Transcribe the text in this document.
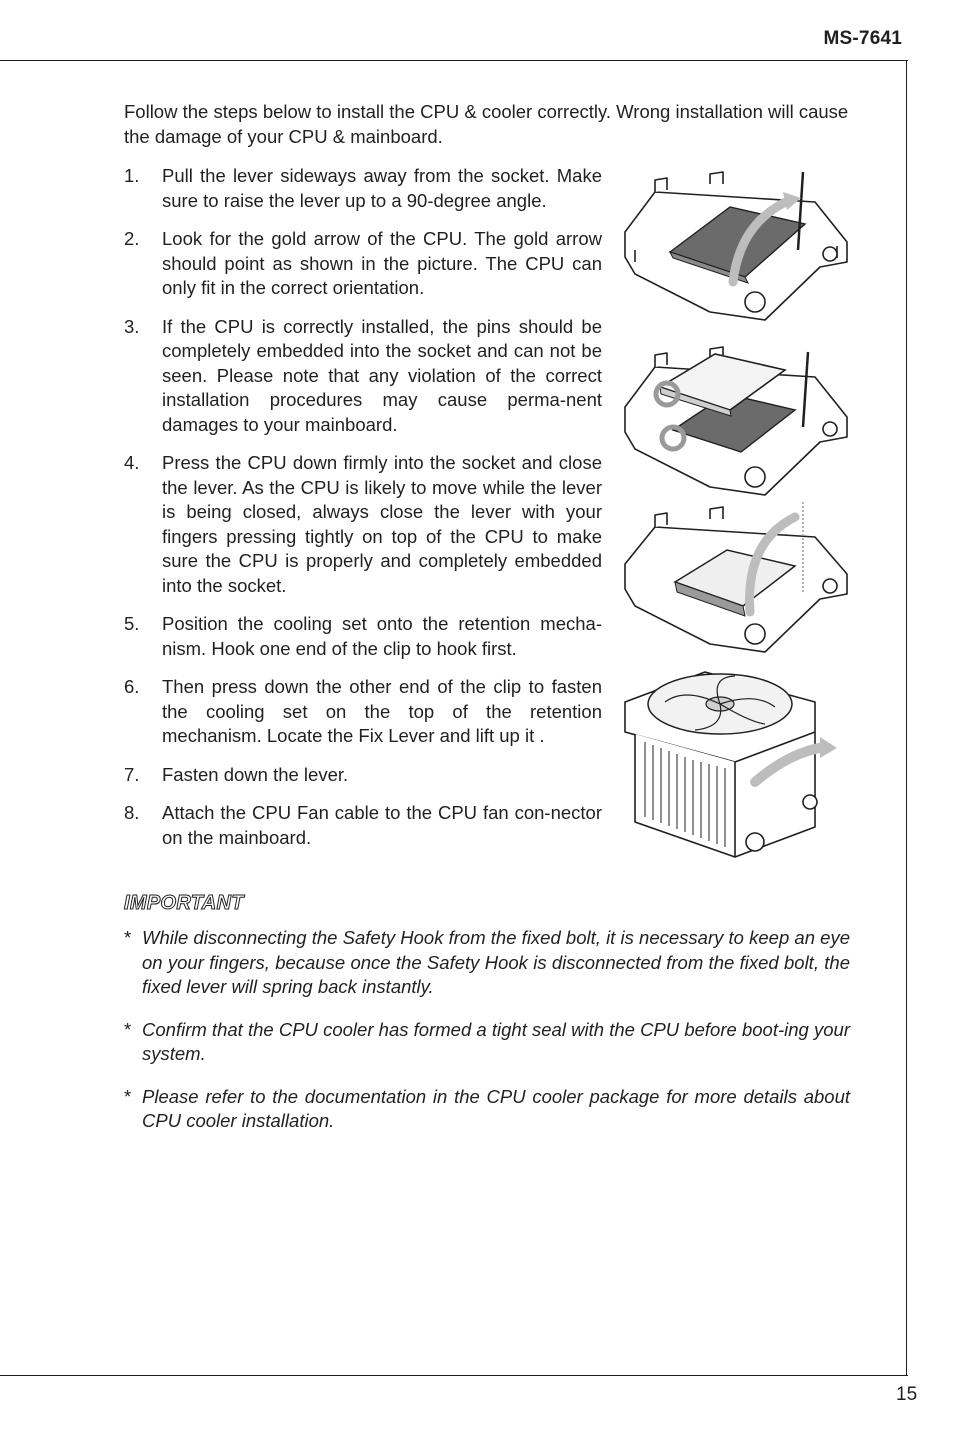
MS-7641
15

Follow the steps below to install the CPU & cooler correctly. Wrong installation will cause the damage of your CPU & mainboard.

1. Pull the lever sideways away from the socket. Make sure to raise the lever up to a 90-degree angle.
2. Look for the gold arrow of the CPU. The gold arrow should point as shown in the picture. The CPU can only fit in the correct orientation.
3. If the CPU is correctly installed, the pins should be completely embedded into the socket and can not be seen. Please note that any violation of the correct installation procedures may cause perma-nent damages to your mainboard.
4. Press the CPU down firmly into the socket and close the lever. As the CPU is likely to move while the lever is being closed, always close the lever with your fingers pressing tightly on top of the CPU to make sure the CPU is properly and completely embedded into the socket.
5. Position the cooling set onto the retention mecha-nism. Hook one end of the clip to hook first.
6. Then press down the other end of the clip to fasten the cooling set on the top of the retention mechanism. Locate the Fix Lever and lift up it .
7. Fasten down the lever.
8. Attach the CPU Fan cable to the CPU fan con-nector on the mainboard.
IMPORTANT
* While disconnecting the Safety Hook from the fixed bolt, it is necessary to keep an eye on your fingers, because once the Safety Hook is disconnected from the fixed bolt, the fixed lever will spring back instantly.
* Confirm that the CPU cooler has formed a tight seal with the CPU before boot-ing your system.
* Please refer to the documentation in the CPU cooler package for more details about CPU cooler installation.
